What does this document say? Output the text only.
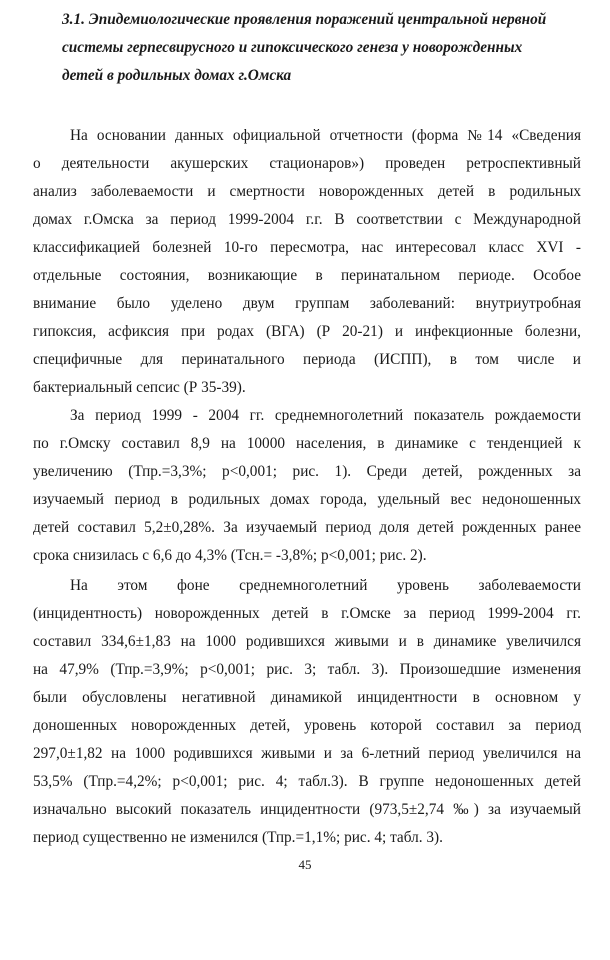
3.1. Эпидемиологические проявления поражений центральной нервной

системы герпесвирусного и гипоксического генеза у новорожденных

детей в родильных домах г.Омска

На основании данных официальной отчетности (форма №14 «Сведения

о деятельности акушерских стационаров») проведен ретроспективный

анализ заболеваемости и смертности новорожденных детей в родильных

домах г.Омска за период 1999-2004 г.г. В соответствии с Международной

классификацией болезней 10-го пересмотра, нас интересовал класс XVI -

отдельные состояния, возникающие в перинатальном периоде. Особое

внимание было уделено двум группам заболеваний: внутриутробная

гипоксия, асфиксия при родах (ВГА) (Р 20-21) и инфекционные болезни,

специфичные для перинатального периода (ИСПП), в том числе и

бактериальный сепсис (Р 35-39).

За период 1999 - 2004 гг. среднемноголетний показатель рождаемости

по г.Омску составил 8,9 на 10000 населения, в динамике с тенденцией к

увеличению (Тпр.=3,3%; р<0,001; рис. 1). Среди детей, рожденных за

изучаемый период в родильных домах города, удельный вес недоношенных

детей составил 5,2±0,28%. За изучаемый период доля детей рожденных ранее

срока снизилась с 6,6 до 4,3% (Тсн.= -3,8%; р<0,001; рис. 2).

На этом фоне среднемноголетний уровень заболеваемости

(инцидентность) новорожденных детей в г.Омске за период 1999-2004 гг.

составил 334,6±1,83 на 1000 родившихся живыми и в динамике увеличился

на 47,9% (Тпр.=3,9%; р<0,001; рис. 3; табл. 3). Произошедшие изменения

были обусловлены негативной динамикой инцидентности в основном у

доношенных новорожденных детей, уровень которой составил за период

297,0±1,82 на 1000 родившихся живыми и за 6-летний период увеличился на

53,5% (Тпр.=4,2%; р<0,001; рис. 4; табл.3). В группе недоношенных детей

изначально высокий показатель инцидентности (973,5±2,74 ‰) за изучаемый

период существенно не изменился (Тпр.=1,1%; рис. 4; табл. 3).

45
